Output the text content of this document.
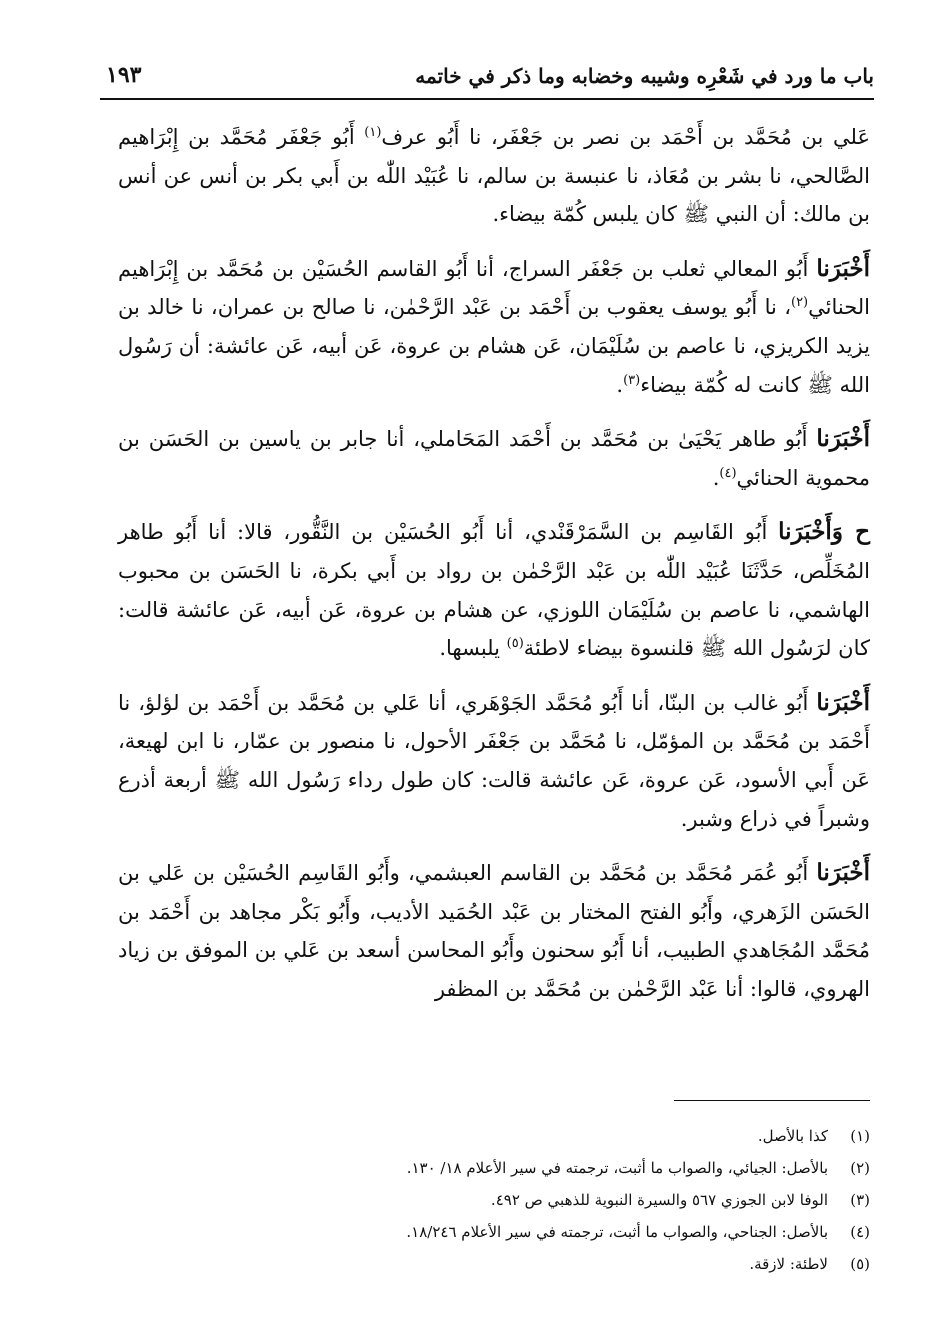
باب ما ورد في شَعْرِه وشيبه وخضابه وما ذكر في خاتمه
١٩٣

عَلي بن مُحَمَّد بن أَحْمَد بن نصر بن جَعْفَر، نا أَبُو عرف$^{(١)}$ أَبُو جَعْفَر مُحَمَّد بن إِبْرَاهيم الصَّالحي، نا بشر بن مُعَاذ، نا عنبسة بن سالم، نا عُبَيْد اللّٰه بن أَبي بكر بن أنس عن أنس بن مالك: أن النبي ﷺ كان يلبس كُمّة بيضاء.

أَخْبَرَنا أَبُو المعالي ثعلب بن جَعْفَر السراج، أنا أَبُو القاسم الحُسَيْن بن مُحَمَّد بن إِبْرَاهيم الحنائي$^{(٢)}$، نا أَبُو يوسف يعقوب بن أَحْمَد بن عَبْد الرَّحْمٰن، نا صالح بن عمران، نا خالد بن يزيد الكريزي، نا عاصم بن سُلَيْمَان، عَن هشام بن عروة، عَن أبيه، عَن عائشة: أن رَسُول الله ﷺ كانت له كُمّة بيضاء$^{(٣)}$.

أَخْبَرَنا أَبُو طاهر يَحْيَىٰ بن مُحَمَّد بن أَحْمَد المَحَاملي، أنا جابر بن ياسين بن الحَسَن بن محموية الحنائي$^{(٤)}$.

ح وَأَخْبَرَنا أَبُو القَاسِم بن السَّمَرْقَنْدي، أنا أَبُو الحُسَيْن بن النَّقُّور، قالا: أنا أَبُو طاهر المُخَلِّص، حَدَّثَنَا عُبَيْد اللّٰه بن عَبْد الرَّحْمٰن بن رواد بن أَبي بكرة، نا الحَسَن بن محبوب الهاشمي، نا عاصم بن سُلَيْمَان اللوزي، عن هشام بن عروة، عَن أبيه، عَن عائشة قالت: كان لرَسُول الله ﷺ قلنسوة بيضاء لاطئة$^{(٥)}$ يلبسها.

أَخْبَرَنا أَبُو غالب بن البنّا، أنا أَبُو مُحَمَّد الجَوْهَري، أنا عَلي بن مُحَمَّد بن أَحْمَد بن لؤلؤ، نا أَحْمَد بن مُحَمَّد بن المؤمّل، نا مُحَمَّد بن جَعْفَر الأحول، نا منصور بن عمّار، نا ابن لهيعة، عَن أَبي الأسود، عَن عروة، عَن عائشة قالت: كان طول رداء رَسُول الله ﷺ أربعة أذرع وشبراً في ذراع وشبر.

أَخْبَرَنا أَبُو عُمَر مُحَمَّد بن مُحَمَّد بن القاسم العبشمي، وأَبُو القَاسِم الحُسَيْن بن عَلي بن الحَسَن الزَهري، وأَبُو الفتح المختار بن عَبْد الحُمَيد الأديب، وأَبُو بَكْر مجاهد بن أَحْمَد بن مُحَمَّد المُجَاهدي الطبيب، أنا أَبُو سحنون وأَبُو المحاسن أسعد بن عَلي بن الموفق بن زياد الهروي، قالوا: أنا عَبْد الرَّحْمٰن بن مُحَمَّد بن المظفر

(١)كذا بالأصل.
(٢)بالأصل: الجيائي، والصواب ما أثبت، ترجمته في سير الأعلام ١٨/ ١٣٠.
(٣)الوفا لابن الجوزي ٥٦٧ والسيرة النبوية للذهبي ص ٤٩٢.
(٤)بالأصل: الجناحي، والصواب ما أثبت، ترجمته في سير الأعلام ١٨/٢٤٦.
(٥)لاطئة: لازقة.
